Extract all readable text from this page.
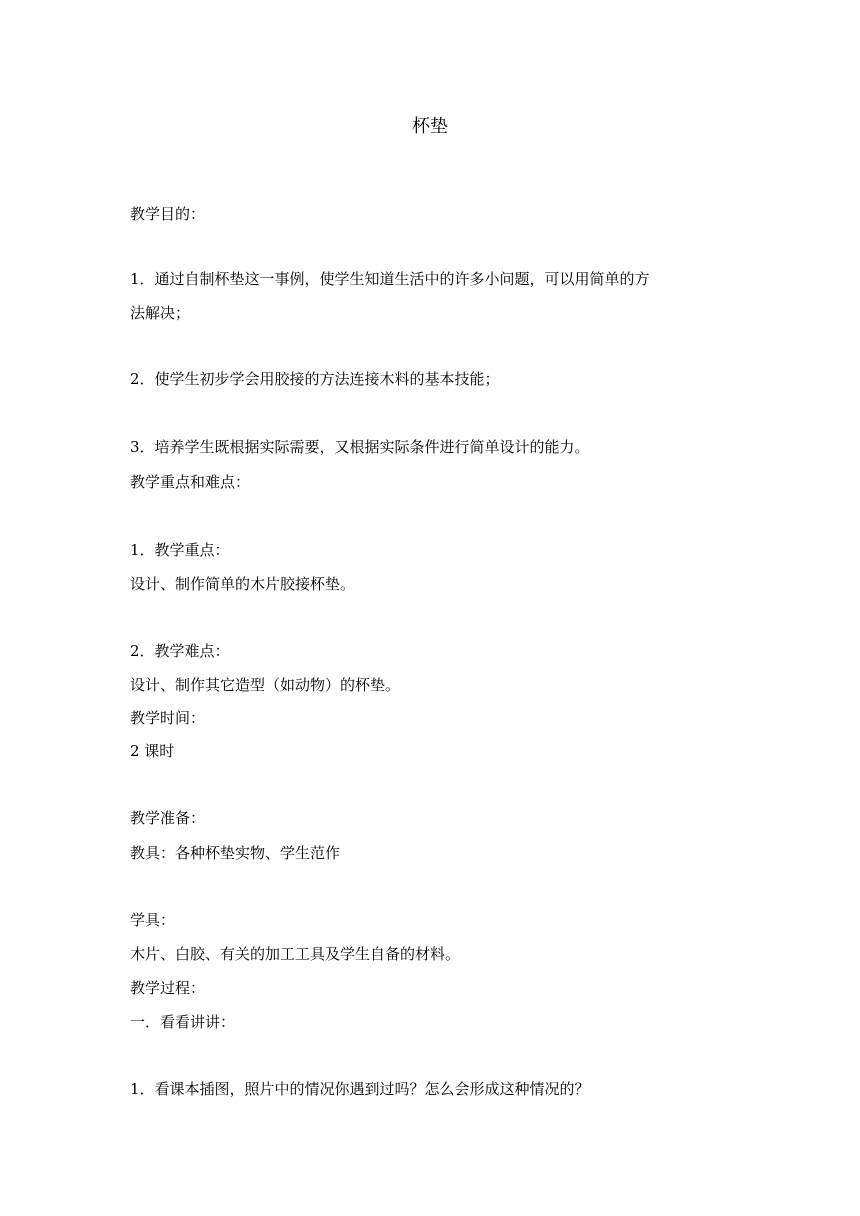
杯垫
教学目的：
1．通过自制杯垫这一事例，使学生知道生活中的许多小问题，可以用简单的方
法解决；
2．使学生初步学会用胶接的方法连接木料的基本技能；
3．培养学生既根据实际需要，又根据实际条件进行简单设计的能力。
教学重点和难点：
1．教学重点：
设计、制作简单的木片胶接杯垫。
2．教学难点：
设计、制作其它造型（如动物）的杯垫。
教学时间：
2 课时
教学准备：
教具：各种杯垫实物、学生范作
学具：
木片、白胶、有关的加工工具及学生自备的材料。
教学过程：
一．看看讲讲：
1．看课本插图，照片中的情况你遇到过吗？怎么会形成这种情况的？
